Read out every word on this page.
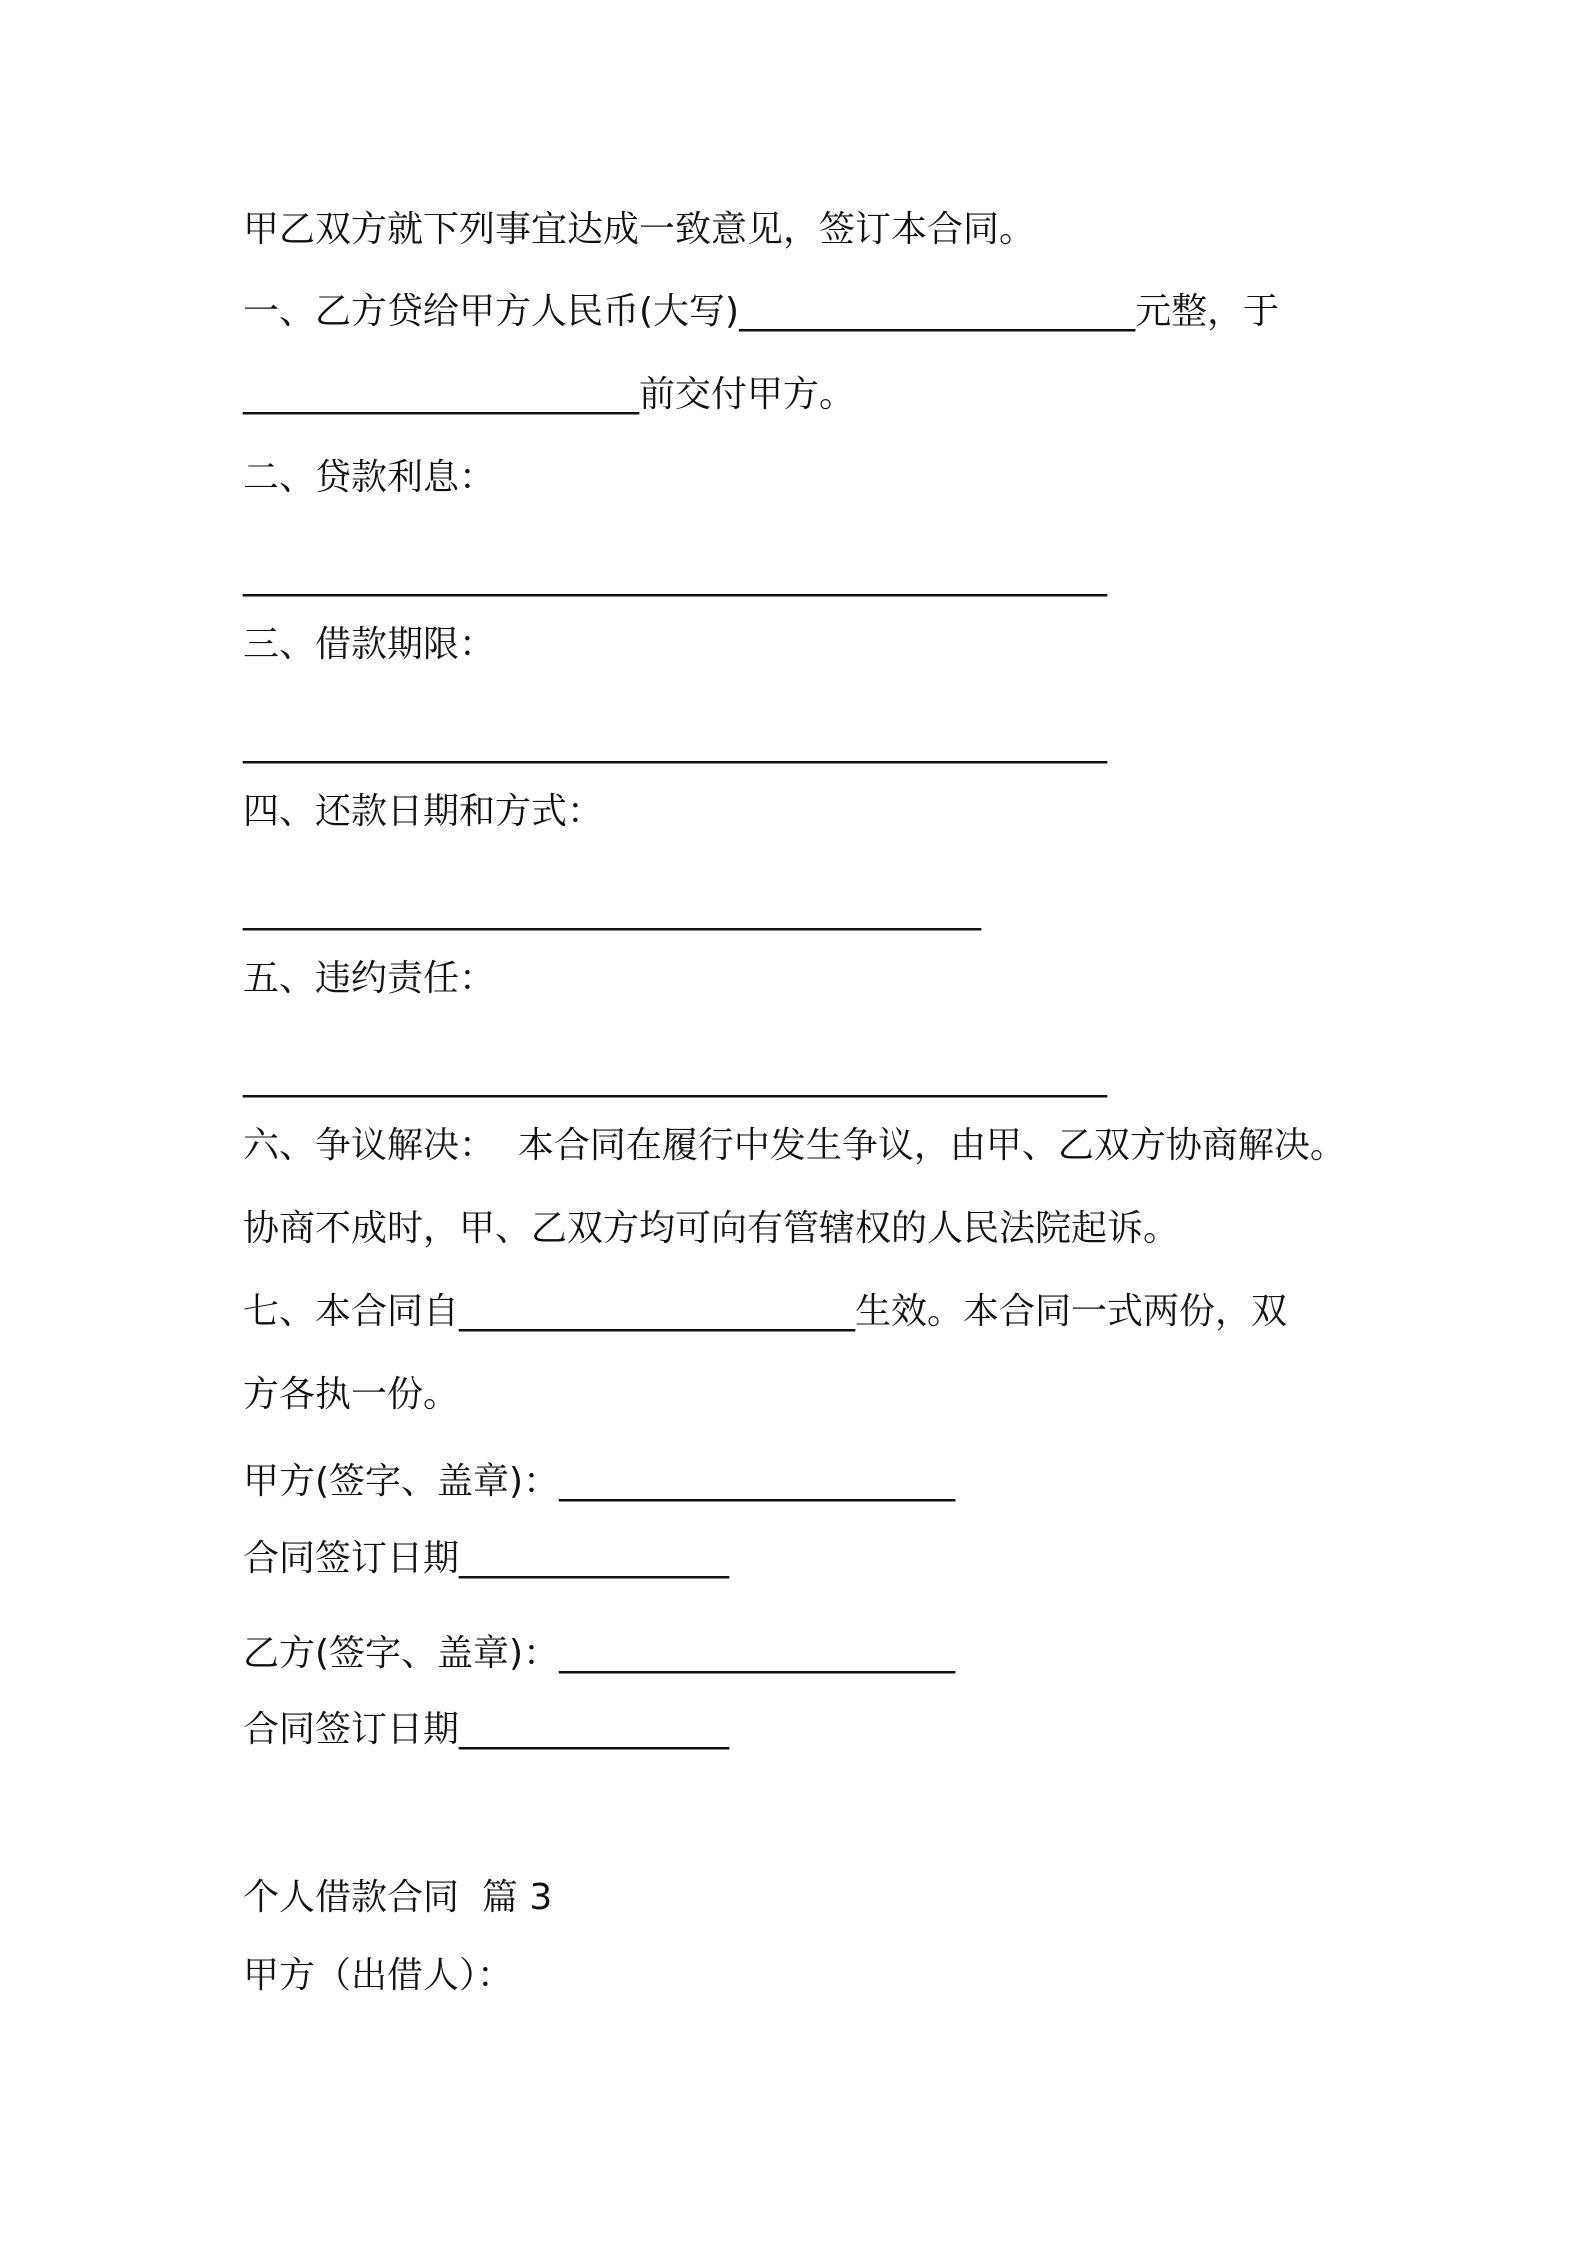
甲乙双方就下列事宜达成一致意见，签订本合同。

一、乙方贷给甲方人民币(大写)______________________元整，于

______________________前交付甲方。

二、贷款利息：

________________________________________________

三、借款期限：

________________________________________________

四、还款日期和方式：

_________________________________________

五、违约责任：

________________________________________________

六、争议解决：  本合同在履行中发生争议，由甲、乙双方协商解决。

协商不成时，甲、乙双方均可向有管辖权的人民法院起诉。

七、本合同自______________________生效。本合同一式两份，双

方各执一份。

甲方(签字、盖章)：______________________

合同签订日期_______________

乙方(签字、盖章)：______________________

合同签订日期_______________

个人借款合同  篇 3

甲方（出借人）：
